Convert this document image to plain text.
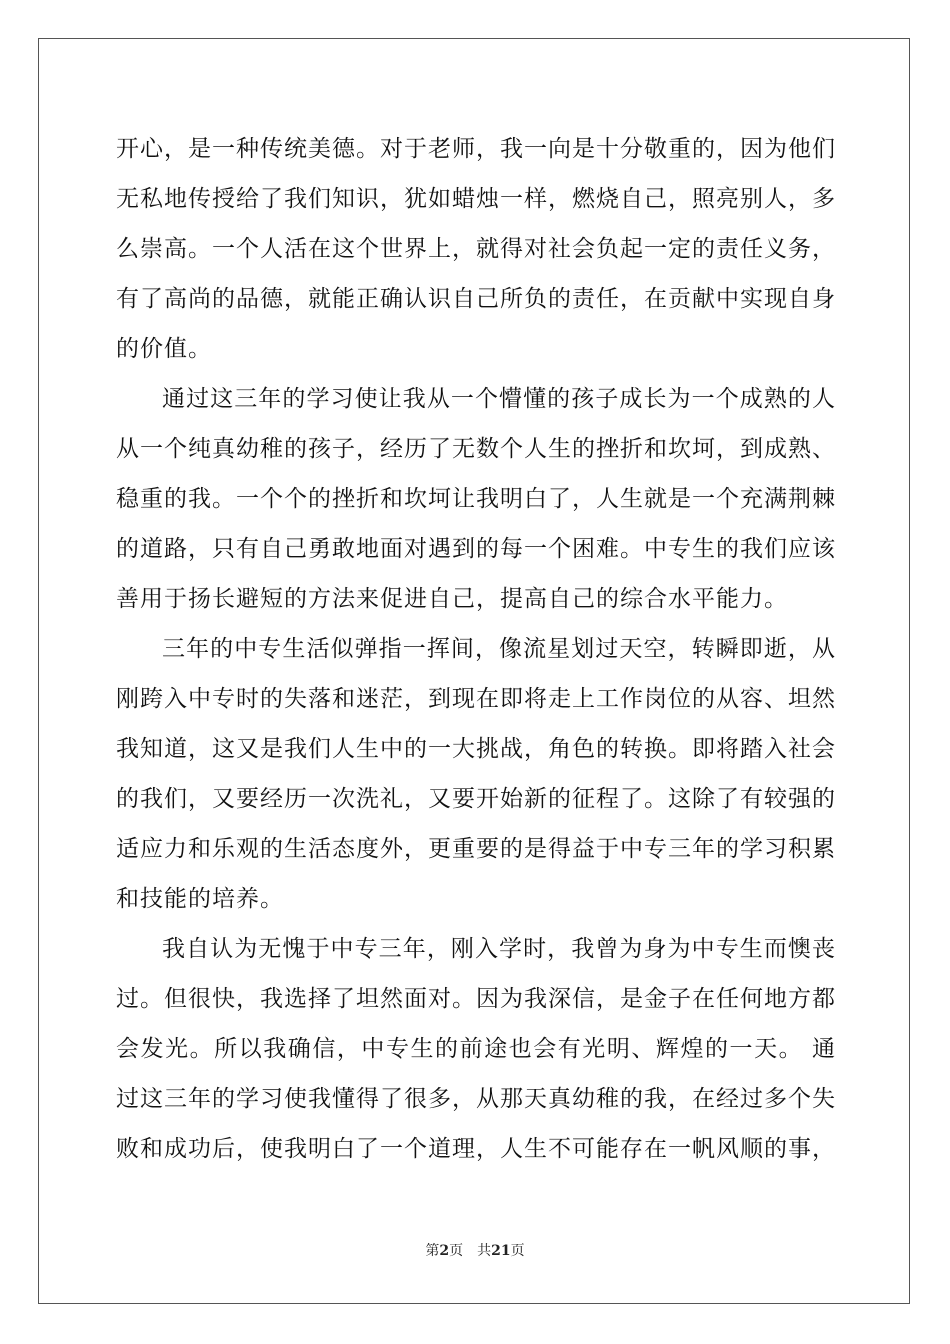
开心，是一种传统美德。对于老师，我一向是十分敬重的，因为他们无私地传授给了我们知识，犹如蜡烛一样，燃烧自己，照亮别人，多么崇高。一个人活在这个世界上，就得对社会负起一定的责任义务，有了高尚的品德，就能正确认识自己所负的责任，在贡献中实现自身的价值。

通过这三年的学习使让我从一个懵懂的孩子成长为一个成熟的人从一个纯真幼稚的孩子，经历了无数个人生的挫折和坎坷，到成熟、稳重的我。一个个的挫折和坎坷让我明白了，人生就是一个充满荆棘的道路，只有自己勇敢地面对遇到的每一个困难。中专生的我们应该善用于扬长避短的方法来促进自己，提高自己的综合水平能力。

三年的中专生活似弹指一挥间，像流星划过天空，转瞬即逝，从刚跨入中专时的失落和迷茫，到现在即将走上工作岗位的从容、坦然我知道，这又是我们人生中的一大挑战，角色的转换。即将踏入社会的我们，又要经历一次洗礼，又要开始新的征程了。这除了有较强的适应力和乐观的生活态度外，更重要的是得益于中专三年的学习积累和技能的培养。

我自认为无愧于中专三年，刚入学时，我曾为身为中专生而懊丧过。但很快，我选择了坦然面对。因为我深信，是金子在任何地方都会发光。所以我确信，中专生的前途也会有光明、辉煌的一天。 通过这三年的学习使我懂得了很多，从那天真幼稚的我，在经过多个失败和成功后，使我明白了一个道理，人生不可能存在一帆风顺的事，

第2页 共21页
